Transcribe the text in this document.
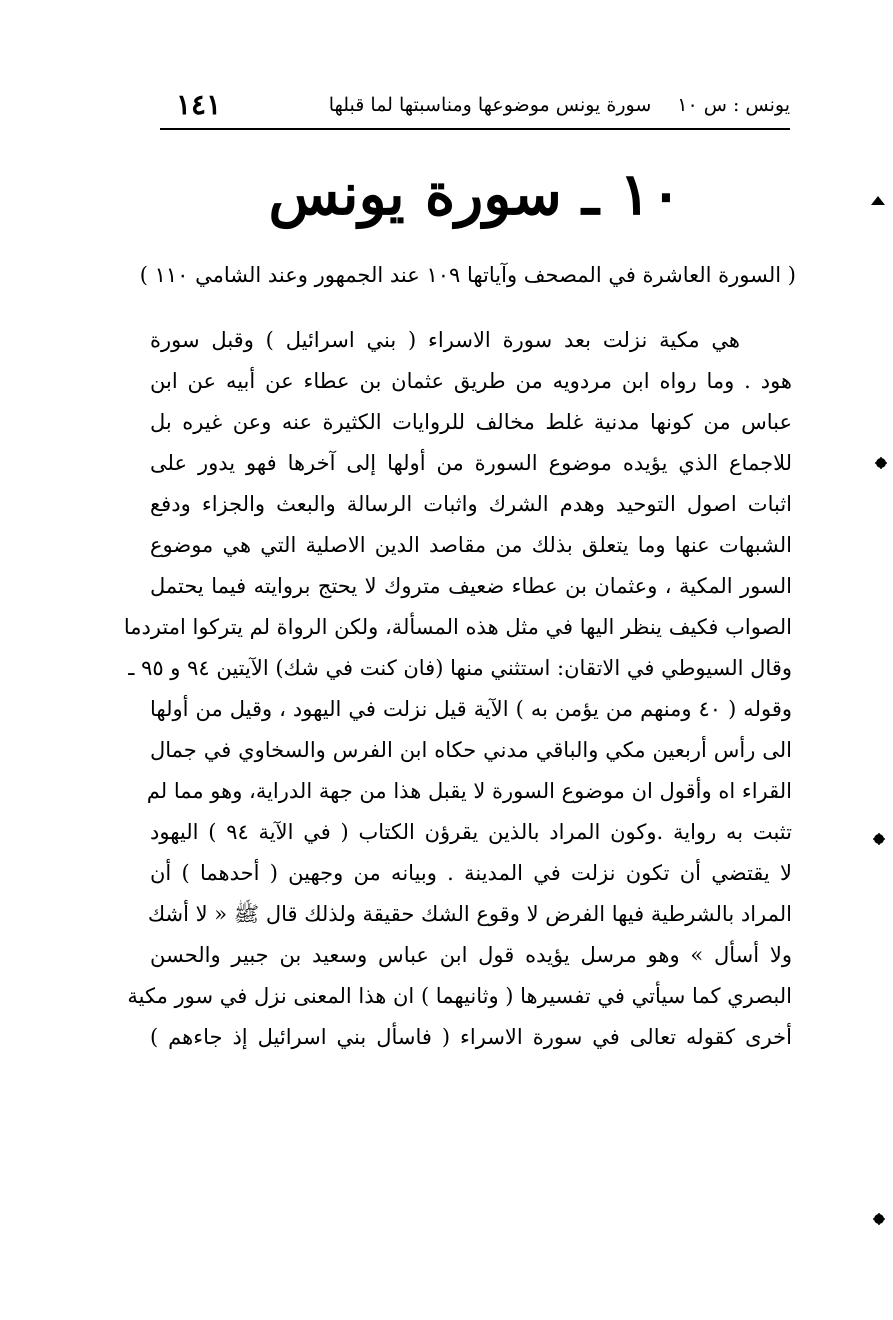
يونس : س ١٠سورة يونس موضوعها ومناسبتها لما قبلها
١٤١
١٠ ـ سورة يونس
( السورة العاشرة في المصحف وآياتها ١٠٩ عند الجمهور وعند الشامي ١١٠ )
هي مكية نزلت بعد سورة الاسراء ( بني اسرائيل ) وقبل سورة
هود . وما رواه ابن مردويه من طريق عثمان بن عطاء عن أبيه عن ابن
عباس من كونها مدنية غلط مخالف للروايات الكثيرة عنه وعن غيره بل
للاجماع الذي يؤيده موضوع السورة من أولها إلى آخرها فهو يدور على
اثبات اصول التوحيد وهدم الشرك واثبات الرسالة والبعث والجزاء ودفع
الشبهات عنها وما يتعلق بذلك من مقاصد الدين الاصلية التي هي موضوع
السور المكية ، وعثمان بن عطاء ضعيف متروك لا يحتج بروايته فيما يحتمل
الصواب فكيف ينظر اليها في مثل هذه المسألة، ولكن الرواة لم يتركوا امتردما
وقال السيوطي في الاتقان: استثني منها (فان كنت في شك) الآيتين ٩٤ و ٩٥ ـ
وقوله ( ٤٠ ومنهم من يؤمن به ) الآية قيل نزلت في اليهود ، وقيل من أولها
الى رأس أربعين مكي والباقي مدني حكاه ابن الفرس والسخاوي في جمال
القراء اه وأقول ان موضوع السورة لا يقبل هذا من جهة الدراية، وهو مما لم
تثبت به رواية .وكون المراد بالذين يقرؤن الكتاب ( في الآية ٩٤ ) اليهود
لا يقتضي أن تكون نزلت في المدينة . وبيانه من وجهين ( أحدهما ) أن
المراد بالشرطية فيها الفرض لا وقوع الشك حقيقة ولذلك قال ﷺ « لا أشك
ولا أسأل » وهو مرسل يؤيده قول ابن عباس وسعيد بن جبير والحسن
البصري كما سيأتي في تفسيرها ( وثانيهما ) ان هذا المعنى نزل في سور مكية
أخرى كقوله تعالى في سورة الاسراء ( فاسأل بني اسرائيل إذ جاءهم )
